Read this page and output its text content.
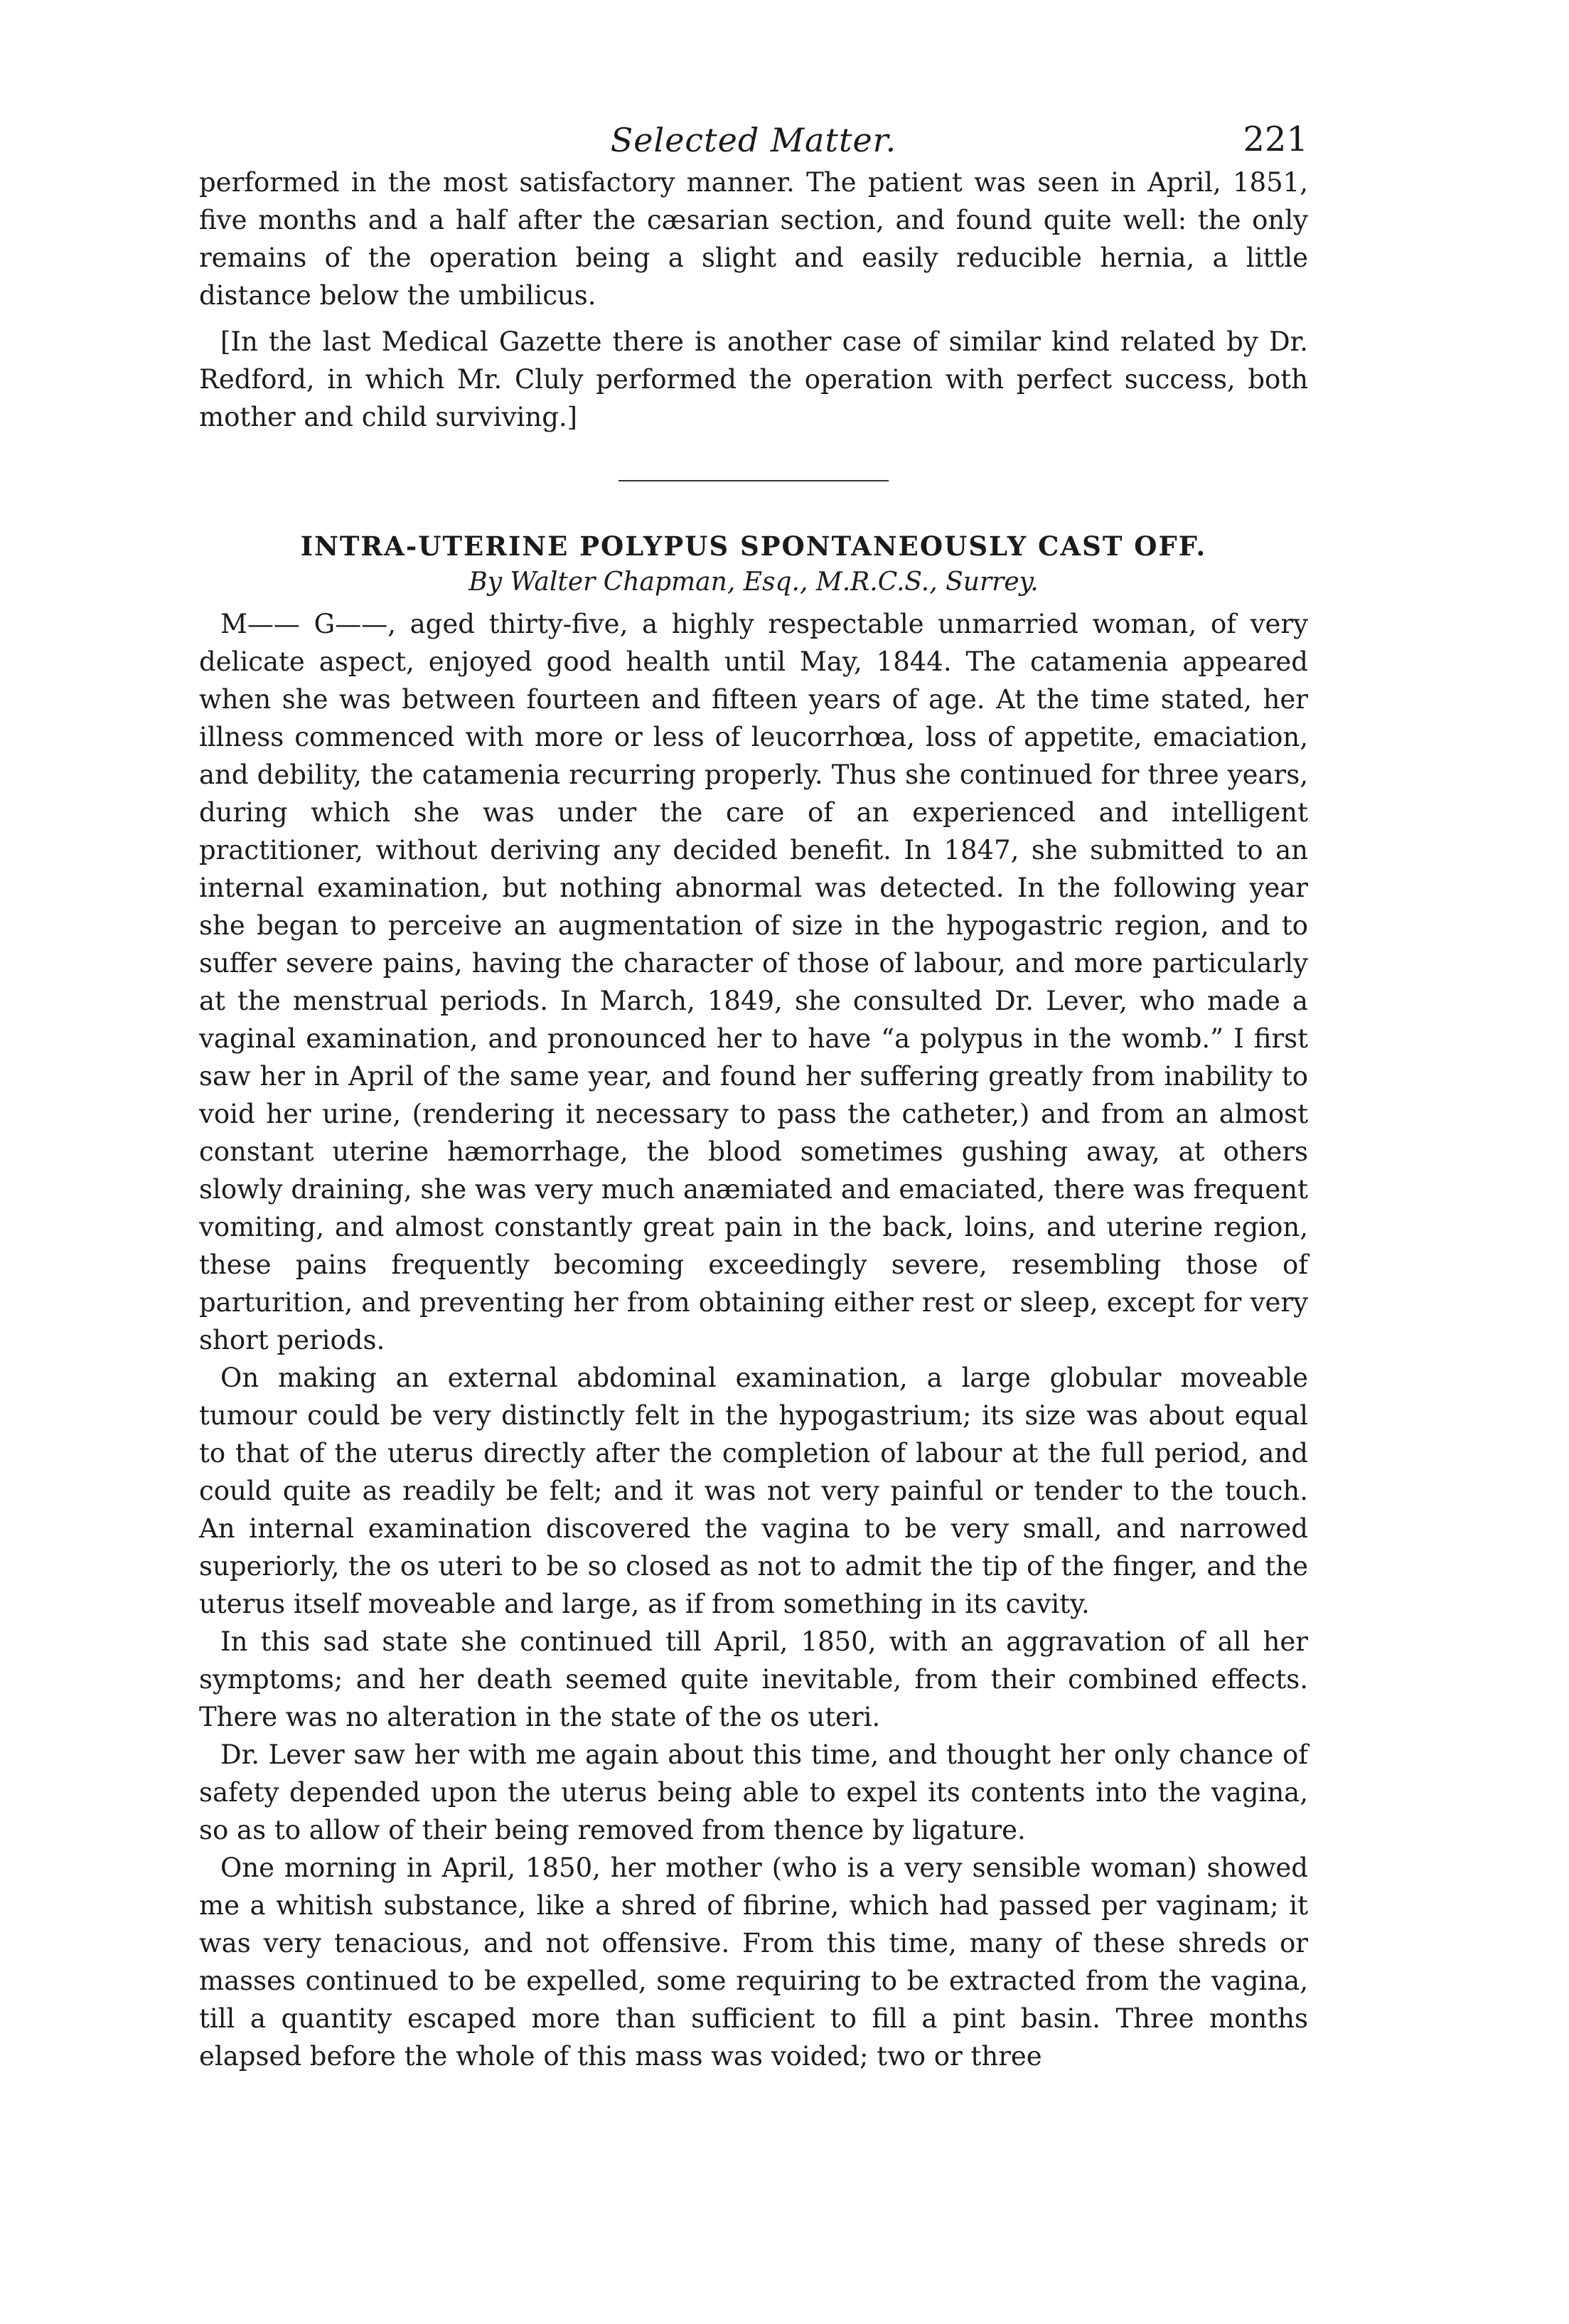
Selected Matter.	221

performed in the most satisfactory manner. The patient was seen in April, 1851, five months and a half after the cæsarian section, and found quite well: the only remains of the operation being a slight and easily reducible hernia, a little distance below the umbilicus.

[In the last Medical Gazette there is another case of similar kind related by Dr. Redford, in which Mr. Cluly performed the operation with perfect success, both mother and child surviving.]

INTRA-UTERINE POLYPUS SPONTANEOUSLY CAST OFF.
By Walter Chapman, Esq., M.R.C.S., Surrey.

M—— G——, aged thirty-five, a highly respectable unmarried woman, of very delicate aspect, enjoyed good health until May, 1844. The catamenia appeared when she was between fourteen and fifteen years of age. At the time stated, her illness commenced with more or less of leucorrhœa, loss of appetite, emaciation, and debility, the catamenia recurring properly. Thus she continued for three years, during which she was under the care of an experienced and intelligent practitioner, without deriving any decided benefit. In 1847, she submitted to an internal examination, but nothing abnormal was detected. In the following year she began to perceive an augmentation of size in the hypogastric region, and to suffer severe pains, having the character of those of labour, and more particularly at the menstrual periods. In March, 1849, she consulted Dr. Lever, who made a vaginal examination, and pronounced her to have “a polypus in the womb.” I first saw her in April of the same year, and found her suffering greatly from inability to void her urine, (rendering it necessary to pass the catheter,) and from an almost constant uterine hæmorrhage, the blood sometimes gushing away, at others slowly draining, she was very much anæmiated and emaciated, there was frequent vomiting, and almost constantly great pain in the back, loins, and uterine region, these pains frequently becoming exceedingly severe, resembling those of parturition, and preventing her from obtaining either rest or sleep, except for very short periods.

On making an external abdominal examination, a large globular moveable tumour could be very distinctly felt in the hypogastrium; its size was about equal to that of the uterus directly after the completion of labour at the full period, and could quite as readily be felt; and it was not very painful or tender to the touch. An internal examination discovered the vagina to be very small, and narrowed superiorly, the os uteri to be so closed as not to admit the tip of the finger, and the uterus itself moveable and large, as if from something in its cavity.

In this sad state she continued till April, 1850, with an aggravation of all her symptoms; and her death seemed quite inevitable, from their combined effects. There was no alteration in the state of the os uteri.

Dr. Lever saw her with me again about this time, and thought her only chance of safety depended upon the uterus being able to expel its contents into the vagina, so as to allow of their being removed from thence by ligature.

One morning in April, 1850, her mother (who is a very sensible woman) showed me a whitish substance, like a shred of fibrine, which had passed per vaginam; it was very tenacious, and not offensive. From this time, many of these shreds or masses continued to be expelled, some requiring to be extracted from the vagina, till a quantity escaped more than sufficient to fill a pint basin. Three months elapsed before the whole of this mass was voided; two or three
